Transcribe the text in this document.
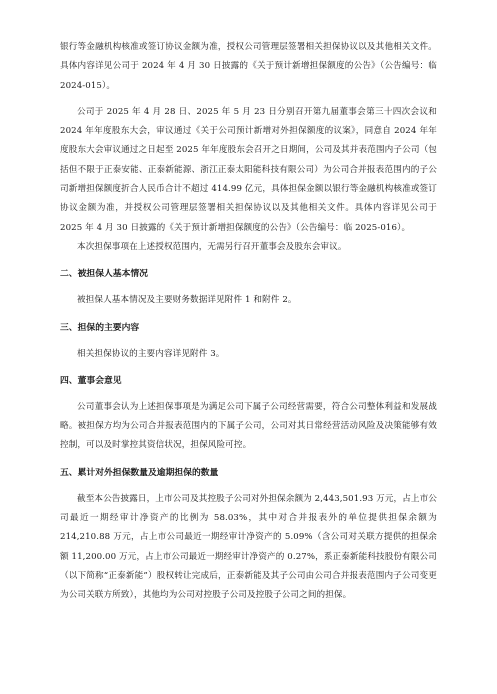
银行等金融机构核准或签订协议金额为准，授权公司管理层签署相关担保协议以及其他相关文件。具体内容详见公司于 2024 年 4 月 30 日披露的《关于预计新增担保额度的公告》（公告编号：临 2024-015）。

公司于 2025 年 4 月 28 日、2025 年 5 月 23 日分别召开第九届董事会第三十四次会议和 2024 年年度股东大会，审议通过《关于公司预计新增对外担保额度的议案》，同意自 2024 年年度股东大会审议通过之日起至 2025 年年度股东会召开之日期间，公司及其并表范围内子公司（包括但不限于正泰安能、正泰新能源、浙江正泰太阳能科技有限公司）为公司合并报表范围内的子公司新增担保额度折合人民币合计不超过 414.99 亿元，具体担保金额以银行等金融机构核准或签订协议金额为准，并授权公司管理层签署相关担保协议以及其他相关文件。具体内容详见公司于 2025 年 4 月 30 日披露的《关于预计新增担保额度的公告》（公告编号：临 2025-016）。

本次担保事项在上述授权范围内，无需另行召开董事会及股东会审议。

二、被担保人基本情况

被担保人基本情况及主要财务数据详见附件 1 和附件 2。

三、担保的主要内容

相关担保协议的主要内容详见附件 3。

四、董事会意见

公司董事会认为上述担保事项是为满足公司下属子公司经营需要，符合公司整体利益和发展战略。被担保方均为公司合并报表范围内的下属子公司，公司对其日常经营活动风险及决策能够有效控制，可以及时掌控其资信状况，担保风险可控。

五、累计对外担保数量及逾期担保的数量

截至本公告披露日，上市公司及其控股子公司对外担保余额为 2,443,501.93 万元，占上市公司最近一期经审计净资产的比例为 58.03%，其中对合并报表外的单位提供担保余额为 214,210.88 万元，占上市公司最近一期经审计净资产的 5.09%（含公司对关联方提供的担保余额 11,200.00 万元，占上市公司最近一期经审计净资产的 0.27%，系正泰新能科技股份有限公司（以下简称“正泰新能”）股权转让完成后，正泰新能及其子公司由公司合并报表范围内子公司变更为公司关联方所致），其他均为公司对控股子公司及控股子公司之间的担保。
